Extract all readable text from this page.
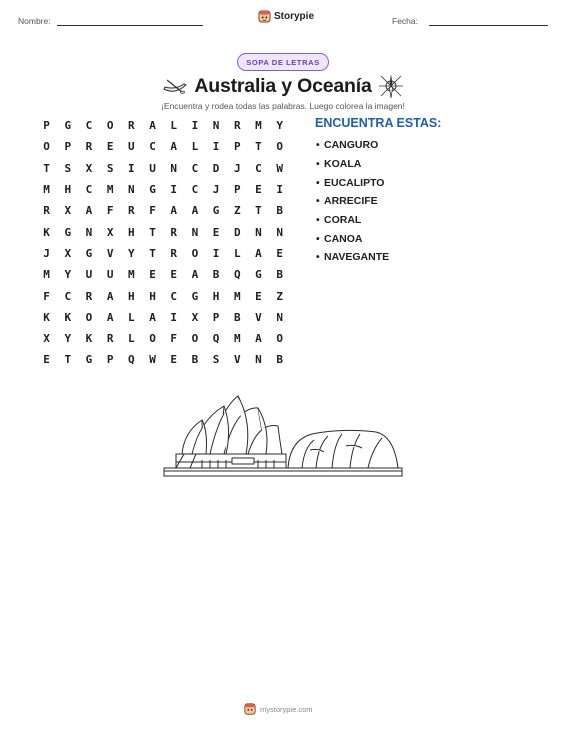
Nombre:	Storypie	Fecha:
SOPA DE LETRAS
Australia y Oceanía
¡Encuentra y rodea todas las palabras. Luego colorea la imagen!
P	G	C	O	R	A	L	I	N	R	M	Y
O	P	R	E	U	C	A	L	I	P	T	O
T	S	X	S	I	U	N	C	D	J	C	W
M	H	C	M	N	G	I	C	J	P	E	I
R	X	A	F	R	F	A	A	G	Z	T	B
K	G	N	X	H	T	R	N	E	D	N	N
J	X	G	V	Y	T	R	O	I	L	A	E
M	Y	U	U	M	E	E	A	B	Q	G	B
F	C	R	A	H	H	C	G	H	M	E	Z
K	K	O	A	L	A	I	X	P	B	V	N
X	Y	K	R	L	O	F	O	Q	M	A	O
E	T	G	P	Q	W	E	B	S	V	N	B
ENCUENTRA ESTAS:
• CANGURO
• KOALA
• EUCALIPTO
• ARRECIFE
• CORAL
• CANOA
• NAVEGANTE
mystorypie.com
